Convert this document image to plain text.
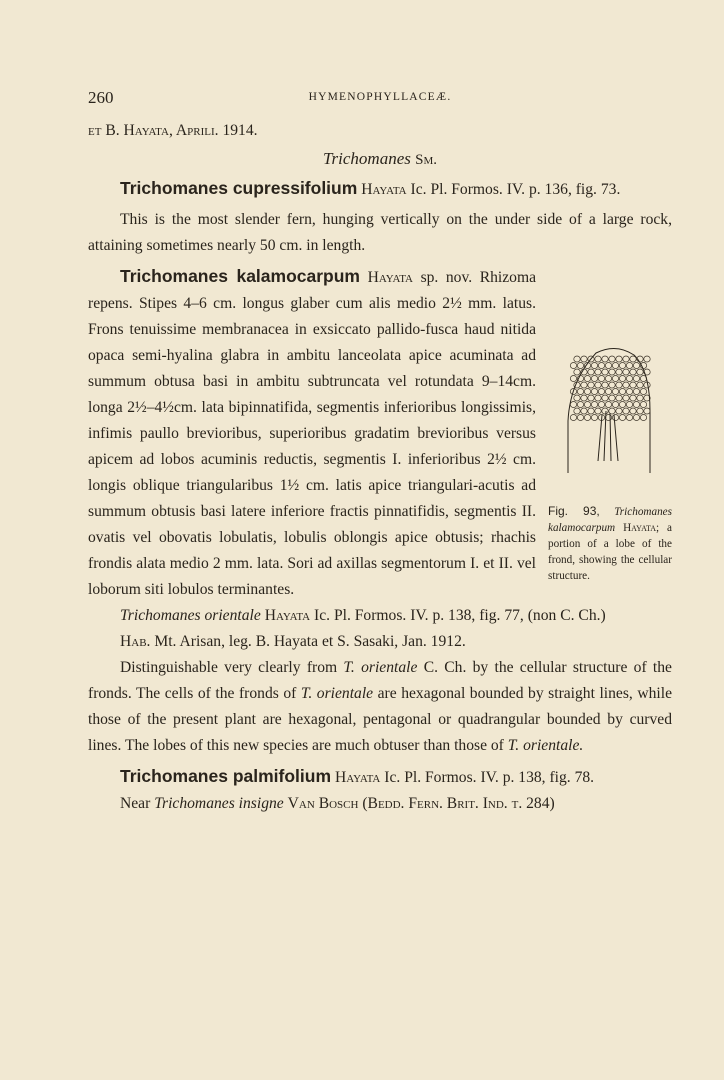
260	HYMENOPHYLLACEÆ.

et B. Hayata, Aprili. 1914.

Trichomanes Sm.

Trichomanes cupressifolium Hayata Ic. Pl. Formos. IV. p. 136, fig. 73.

This is the most slender fern, hunging vertically on the under side of a large rock, attaining sometimes nearly 50 cm. in length.

Fig. 93, Trichomanes kalamocarpum Hayata; a portion of a lobe of the frond, showing the cellular structure.

Trichomanes kalamocarpum Hayata sp. nov. Rhizoma repens. Stipes 4–6 cm. longus glaber cum alis medio 2½ mm. latus. Frons tenuissime membranacea in exsiccato pallido-fusca haud nitida opaca semi-hyalina glabra in ambitu lanceolata apice acuminata ad summum obtusa basi in ambitu subtruncata vel rotundata 9–14cm. longa 2½–4½cm. lata bipinnatifida, segmentis inferioribus longissimis, infimis paullo brevioribus, superioribus gradatim brevioribus versus apicem ad lobos acuminis reductis, segmentis I. inferioribus 2½ cm. longis oblique triangularibus 1½ cm. latis apice triangulari-acutis ad summum obtusis basi latere inferiore fractis pinnatifidis, segmentis II. ovatis vel obovatis lobulatis, lobulis oblongis apice obtusis; rhachis frondis alata medio 2 mm. lata. Sori ad axillas segmentorum I. et II. vel loborum siti lobulos terminantes.

Trichomanes orientale Hayata Ic. Pl. Formos. IV. p. 138, fig. 77, (non C. Ch.)

Hab. Mt. Arisan, leg. B. Hayata et S. Sasaki, Jan. 1912.

Distinguishable very clearly from T. orientale C. Ch. by the cellular structure of the fronds. The cells of the fronds of T. orientale are hexagonal bounded by straight lines, while those of the present plant are hexagonal, pentagonal or quadrangular bounded by curved lines. The lobes of this new species are much obtuser than those of T. orientale.

Trichomanes palmifolium Hayata Ic. Pl. Formos. IV. p. 138, fig. 78.

Near Trichomanes insigne Van Bosch (Bedd. Fern. Brit. Ind. t. 284)
